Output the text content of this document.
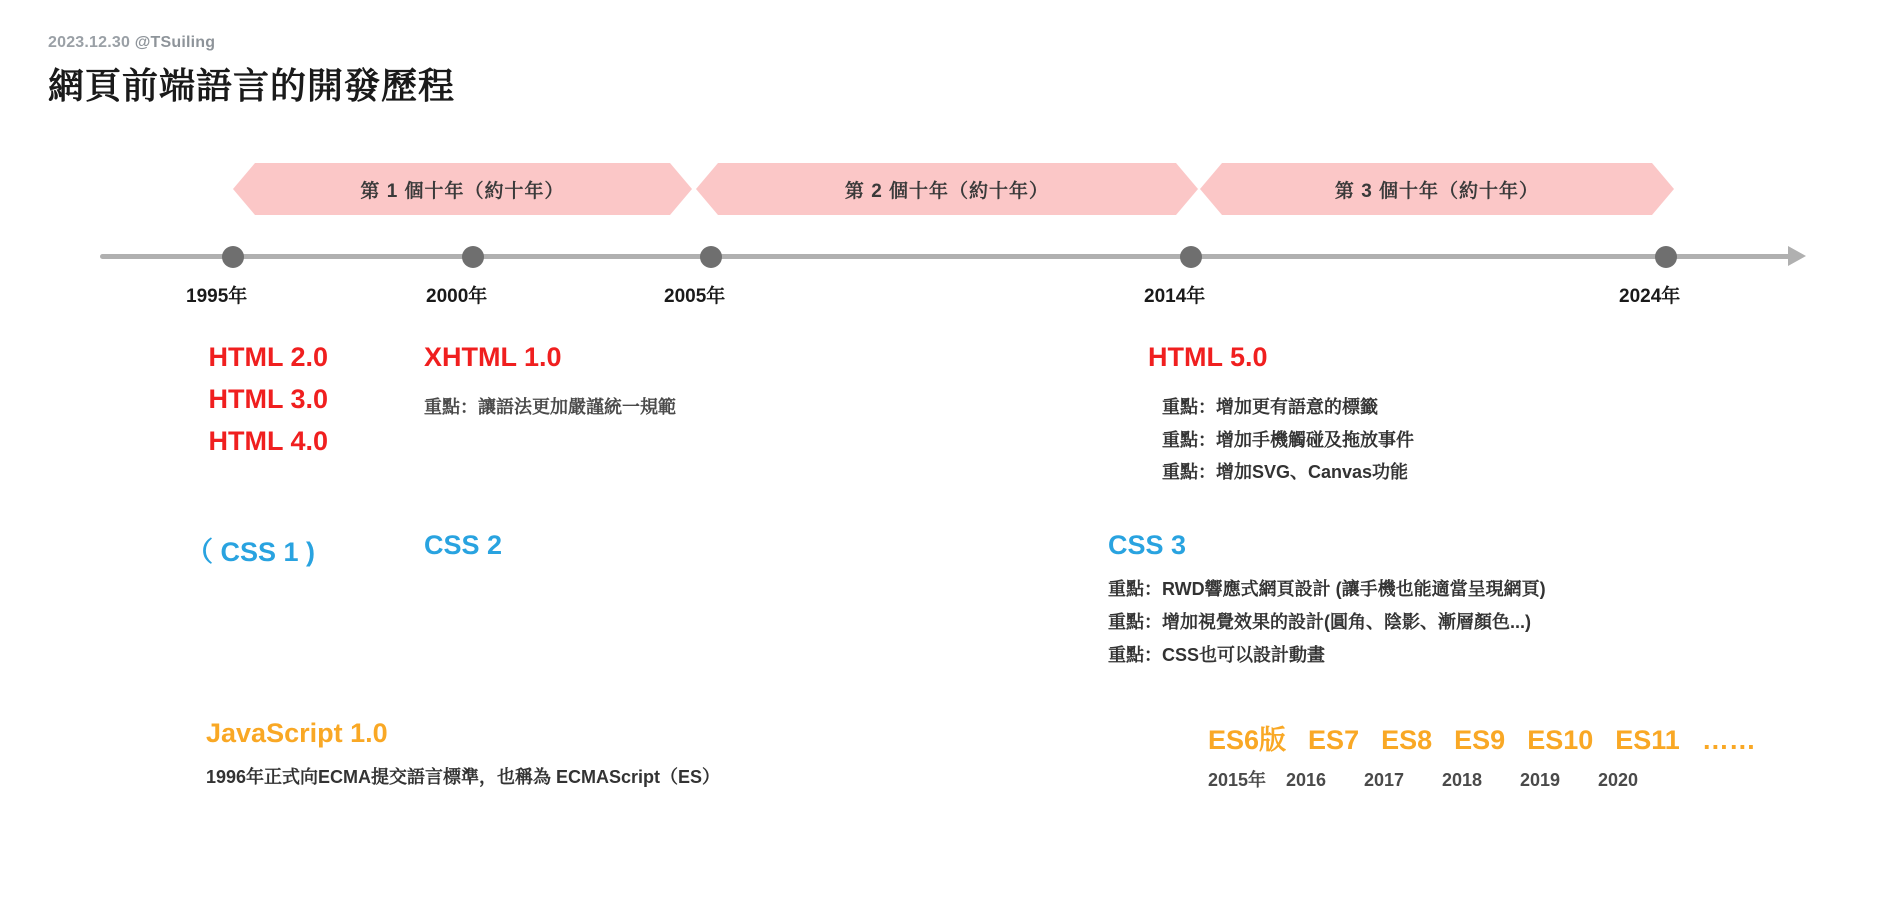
2023.12.30 @TSuiling
網頁前端語言的開發歷程
第 1 個十年（約十年）	第 2 個十年（約十年）	第 3 個十年（約十年）
1995年	2000年	2005年	2014年	2024年
HTML 2.0
HTML 3.0
HTML 4.0
XHTML 1.0
重點：讓語法更加嚴謹統一規範
HTML 5.0
重點：增加更有語意的標籤
重點：增加手機觸碰及拖放事件
重點：增加SVG、Canvas功能
（ CSS 1 )	CSS 2	CSS 3
重點：RWD響應式網頁設計 (讓手機也能適當呈現網頁)
重點：增加視覺效果的設計(圓角、陰影、漸層顏色...)
重點：CSS也可以設計動畫
JavaScript 1.0
1996年正式向ECMA提交語言標準，也稱為 ECMAScript（ES）
ES6版 ES7 ES8 ES9 ES10 ES11 ……
2015年	2016	2017	2018	2019	2020
